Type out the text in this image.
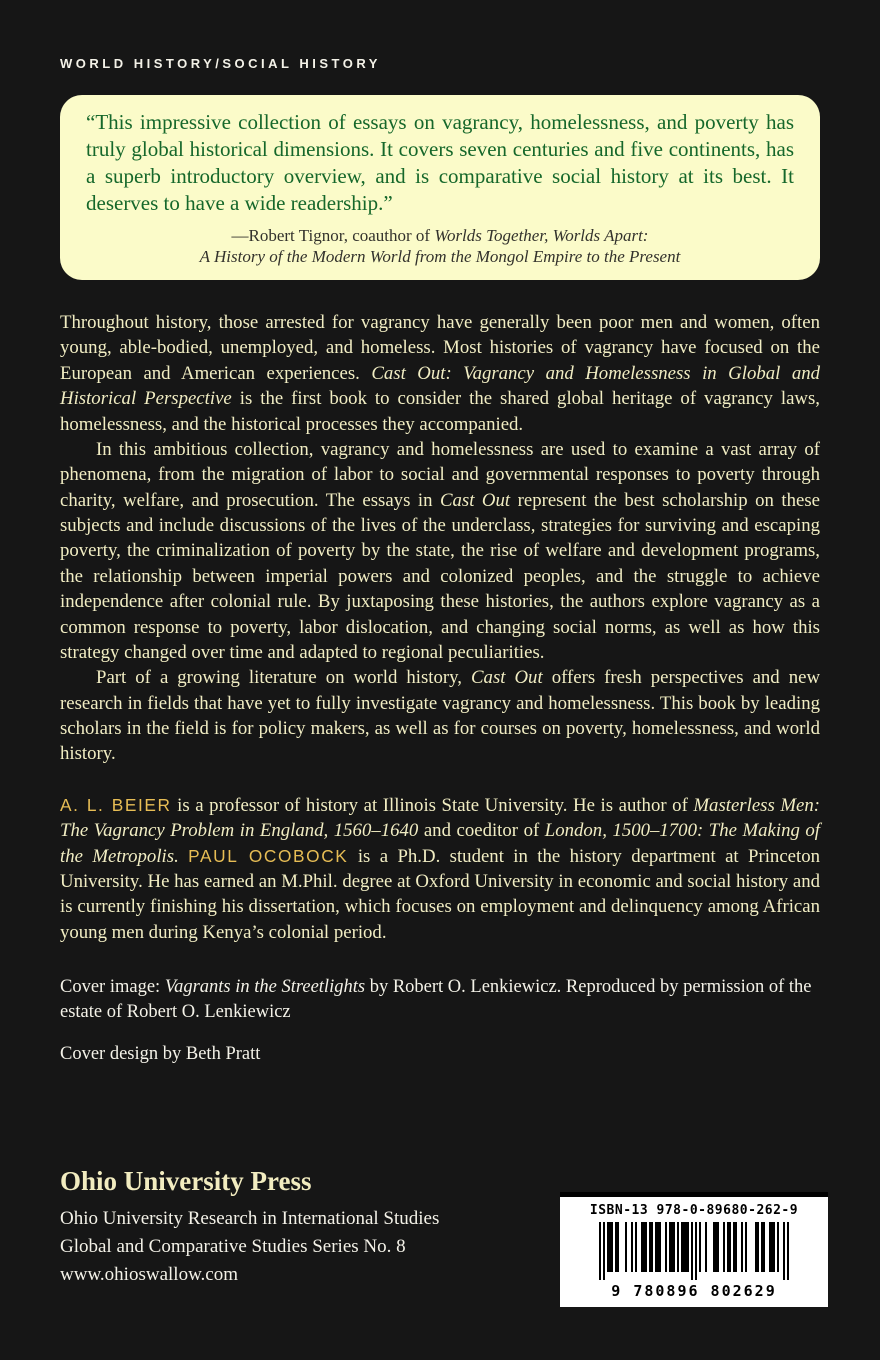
WORLD HISTORY/SOCIAL HISTORY

“This impressive collection of essays on vagrancy, homelessness, and poverty has truly global historical dimensions. It covers seven centuries and five continents, has a superb introductory overview, and is comparative social history at its best. It deserves to have a wide readership.”

—Robert Tignor, coauthor of Worlds Together, Worlds Apart:
A History of the Modern World from the Mongol Empire to the Present

Throughout history, those arrested for vagrancy have generally been poor men and women, often young, able-bodied, unemployed, and homeless. Most histories of vagrancy have focused on the European and American experiences. Cast Out: Vagrancy and Homelessness in Global and Historical Perspective is the first book to consider the shared global heritage of vagrancy laws, homelessness, and the historical processes they accompanied.

In this ambitious collection, vagrancy and homelessness are used to examine a vast array of phenomena, from the migration of labor to social and governmental responses to poverty through charity, welfare, and prosecution. The essays in Cast Out represent the best scholarship on these subjects and include discussions of the lives of the underclass, strategies for surviving and escaping poverty, the criminalization of poverty by the state, the rise of welfare and development programs, the relationship between imperial powers and colonized peoples, and the struggle to achieve independence after colonial rule. By juxtaposing these histories, the authors explore vagrancy as a common response to poverty, labor dislocation, and changing social norms, as well as how this strategy changed over time and adapted to regional peculiarities.

Part of a growing literature on world history, Cast Out offers fresh perspectives and new research in fields that have yet to fully investigate vagrancy and homelessness. This book by leading scholars in the field is for policy makers, as well as for courses on poverty, homelessness, and world history.

A. L. BEIER is a professor of history at Illinois State University. He is author of Masterless Men: The Vagrancy Problem in England, 1560–1640 and coeditor of London, 1500–1700: The Making of the Metropolis. PAUL OCOBOCK is a Ph.D. student in the history department at Princeton University. He has earned an M.Phil. degree at Oxford University in economic and social history and is currently finishing his dissertation, which focuses on employment and delinquency among African young men during Kenya’s colonial period.

Cover image: Vagrants in the Streetlights by Robert O. Lenkiewicz. Reproduced by permission of the estate of Robert O. Lenkiewicz

Cover design by Beth Pratt

Ohio University Press
Ohio University Research in International Studies
Global and Comparative Studies Series No. 8
www.ohioswallow.com
ISBN-13 978-0-89680-262-9
9 780896 802629
